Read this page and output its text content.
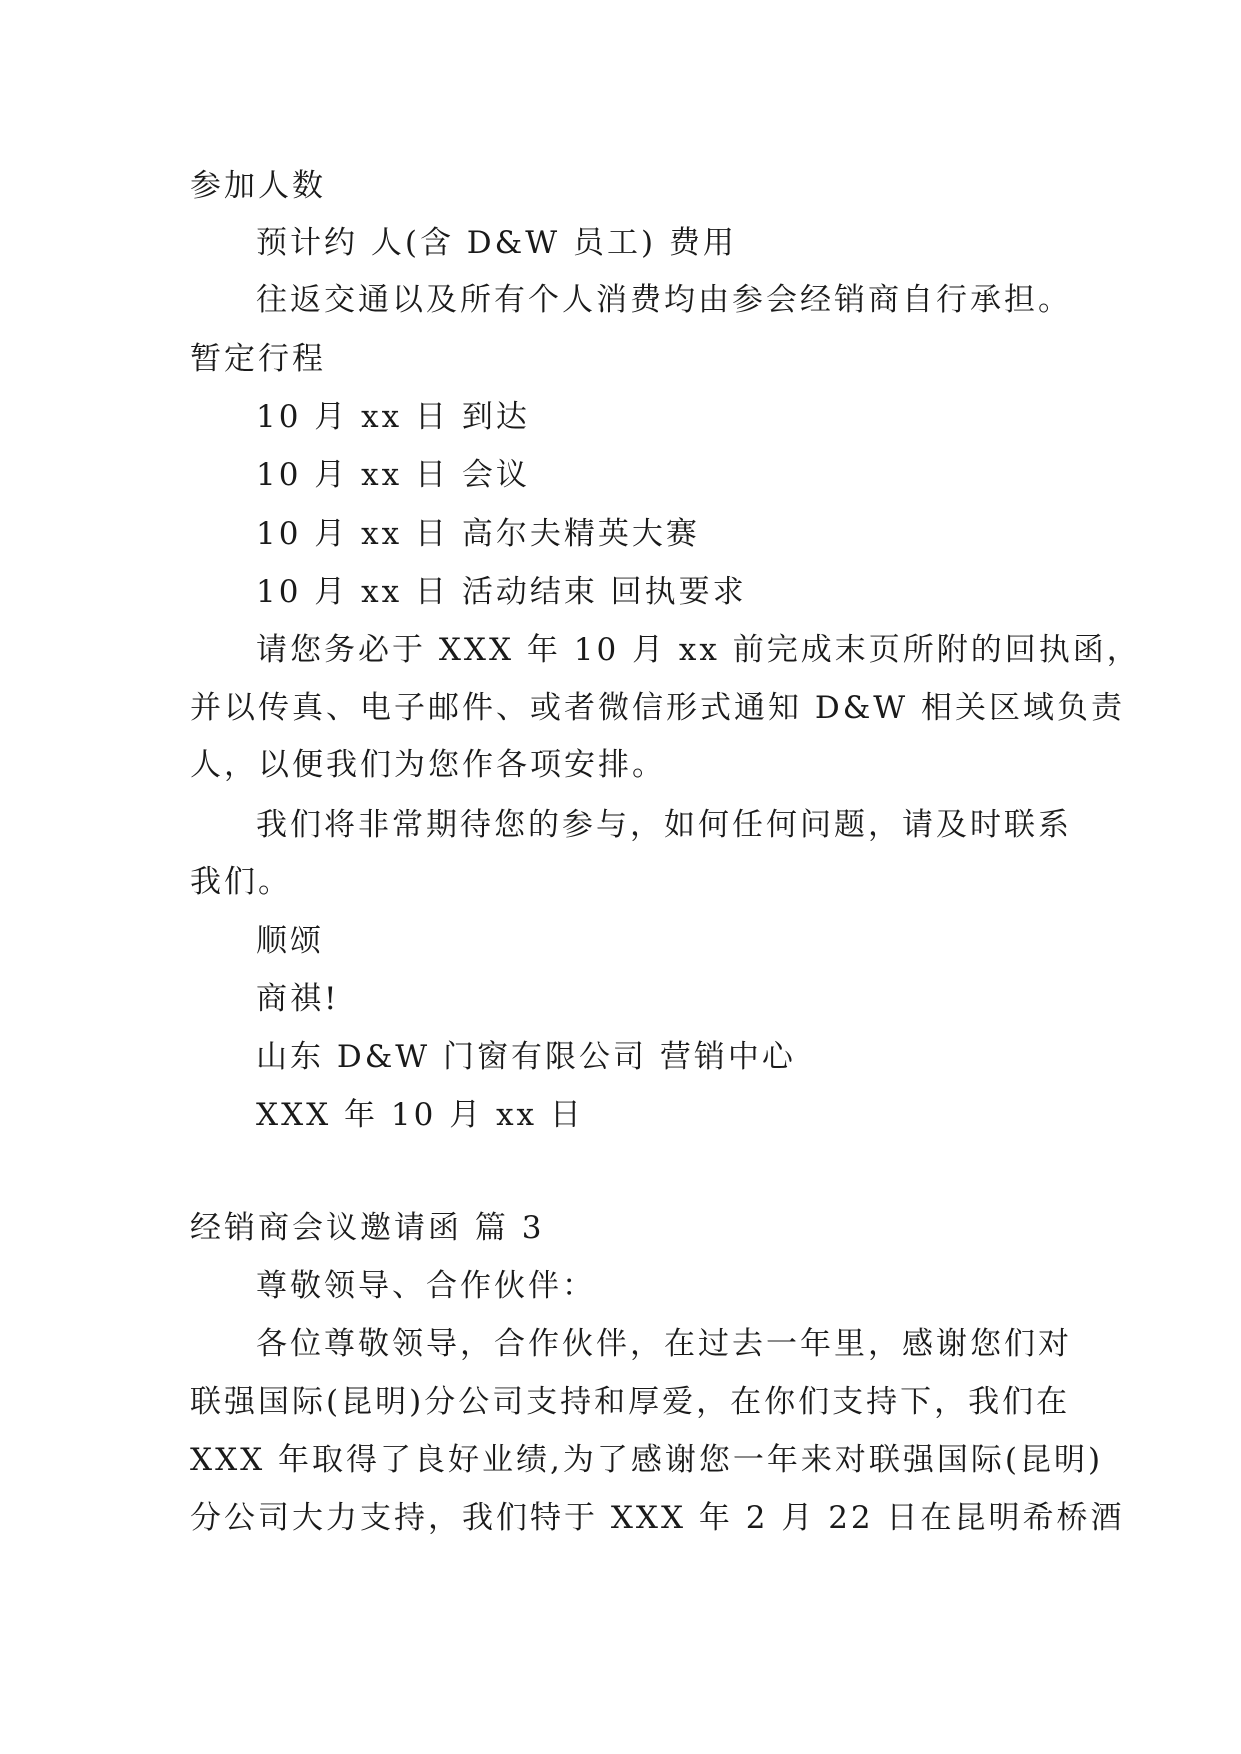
参加人数
预计约 人(含 D&W 员工) 费用
往返交通以及所有个人消费均由参会经销商自行承担。
暂定行程
10 月 xx 日 到达
10 月 xx 日 会议
10 月 xx 日 高尔夫精英大赛
10 月 xx 日 活动结束 回执要求
请您务必于 XXX 年 10 月 xx 前完成末页所附的回执函，
并以传真、电子邮件、或者微信形式通知 D&W 相关区域负责
人，以便我们为您作各项安排。
我们将非常期待您的参与，如何任何问题，请及时联系
我们。
顺颂
商祺!
山东 D&W 门窗有限公司 营销中心
XXX 年 10 月 xx 日
经销商会议邀请函 篇 3
尊敬领导、合作伙伴：
各位尊敬领导，合作伙伴，在过去一年里，感谢您们对
联强国际(昆明)分公司支持和厚爱，在你们支持下，我们在
XXX 年取得了良好业绩,为了感谢您一年来对联强国际(昆明)
分公司大力支持，我们特于 XXX 年 2 月 22 日在昆明希桥酒
